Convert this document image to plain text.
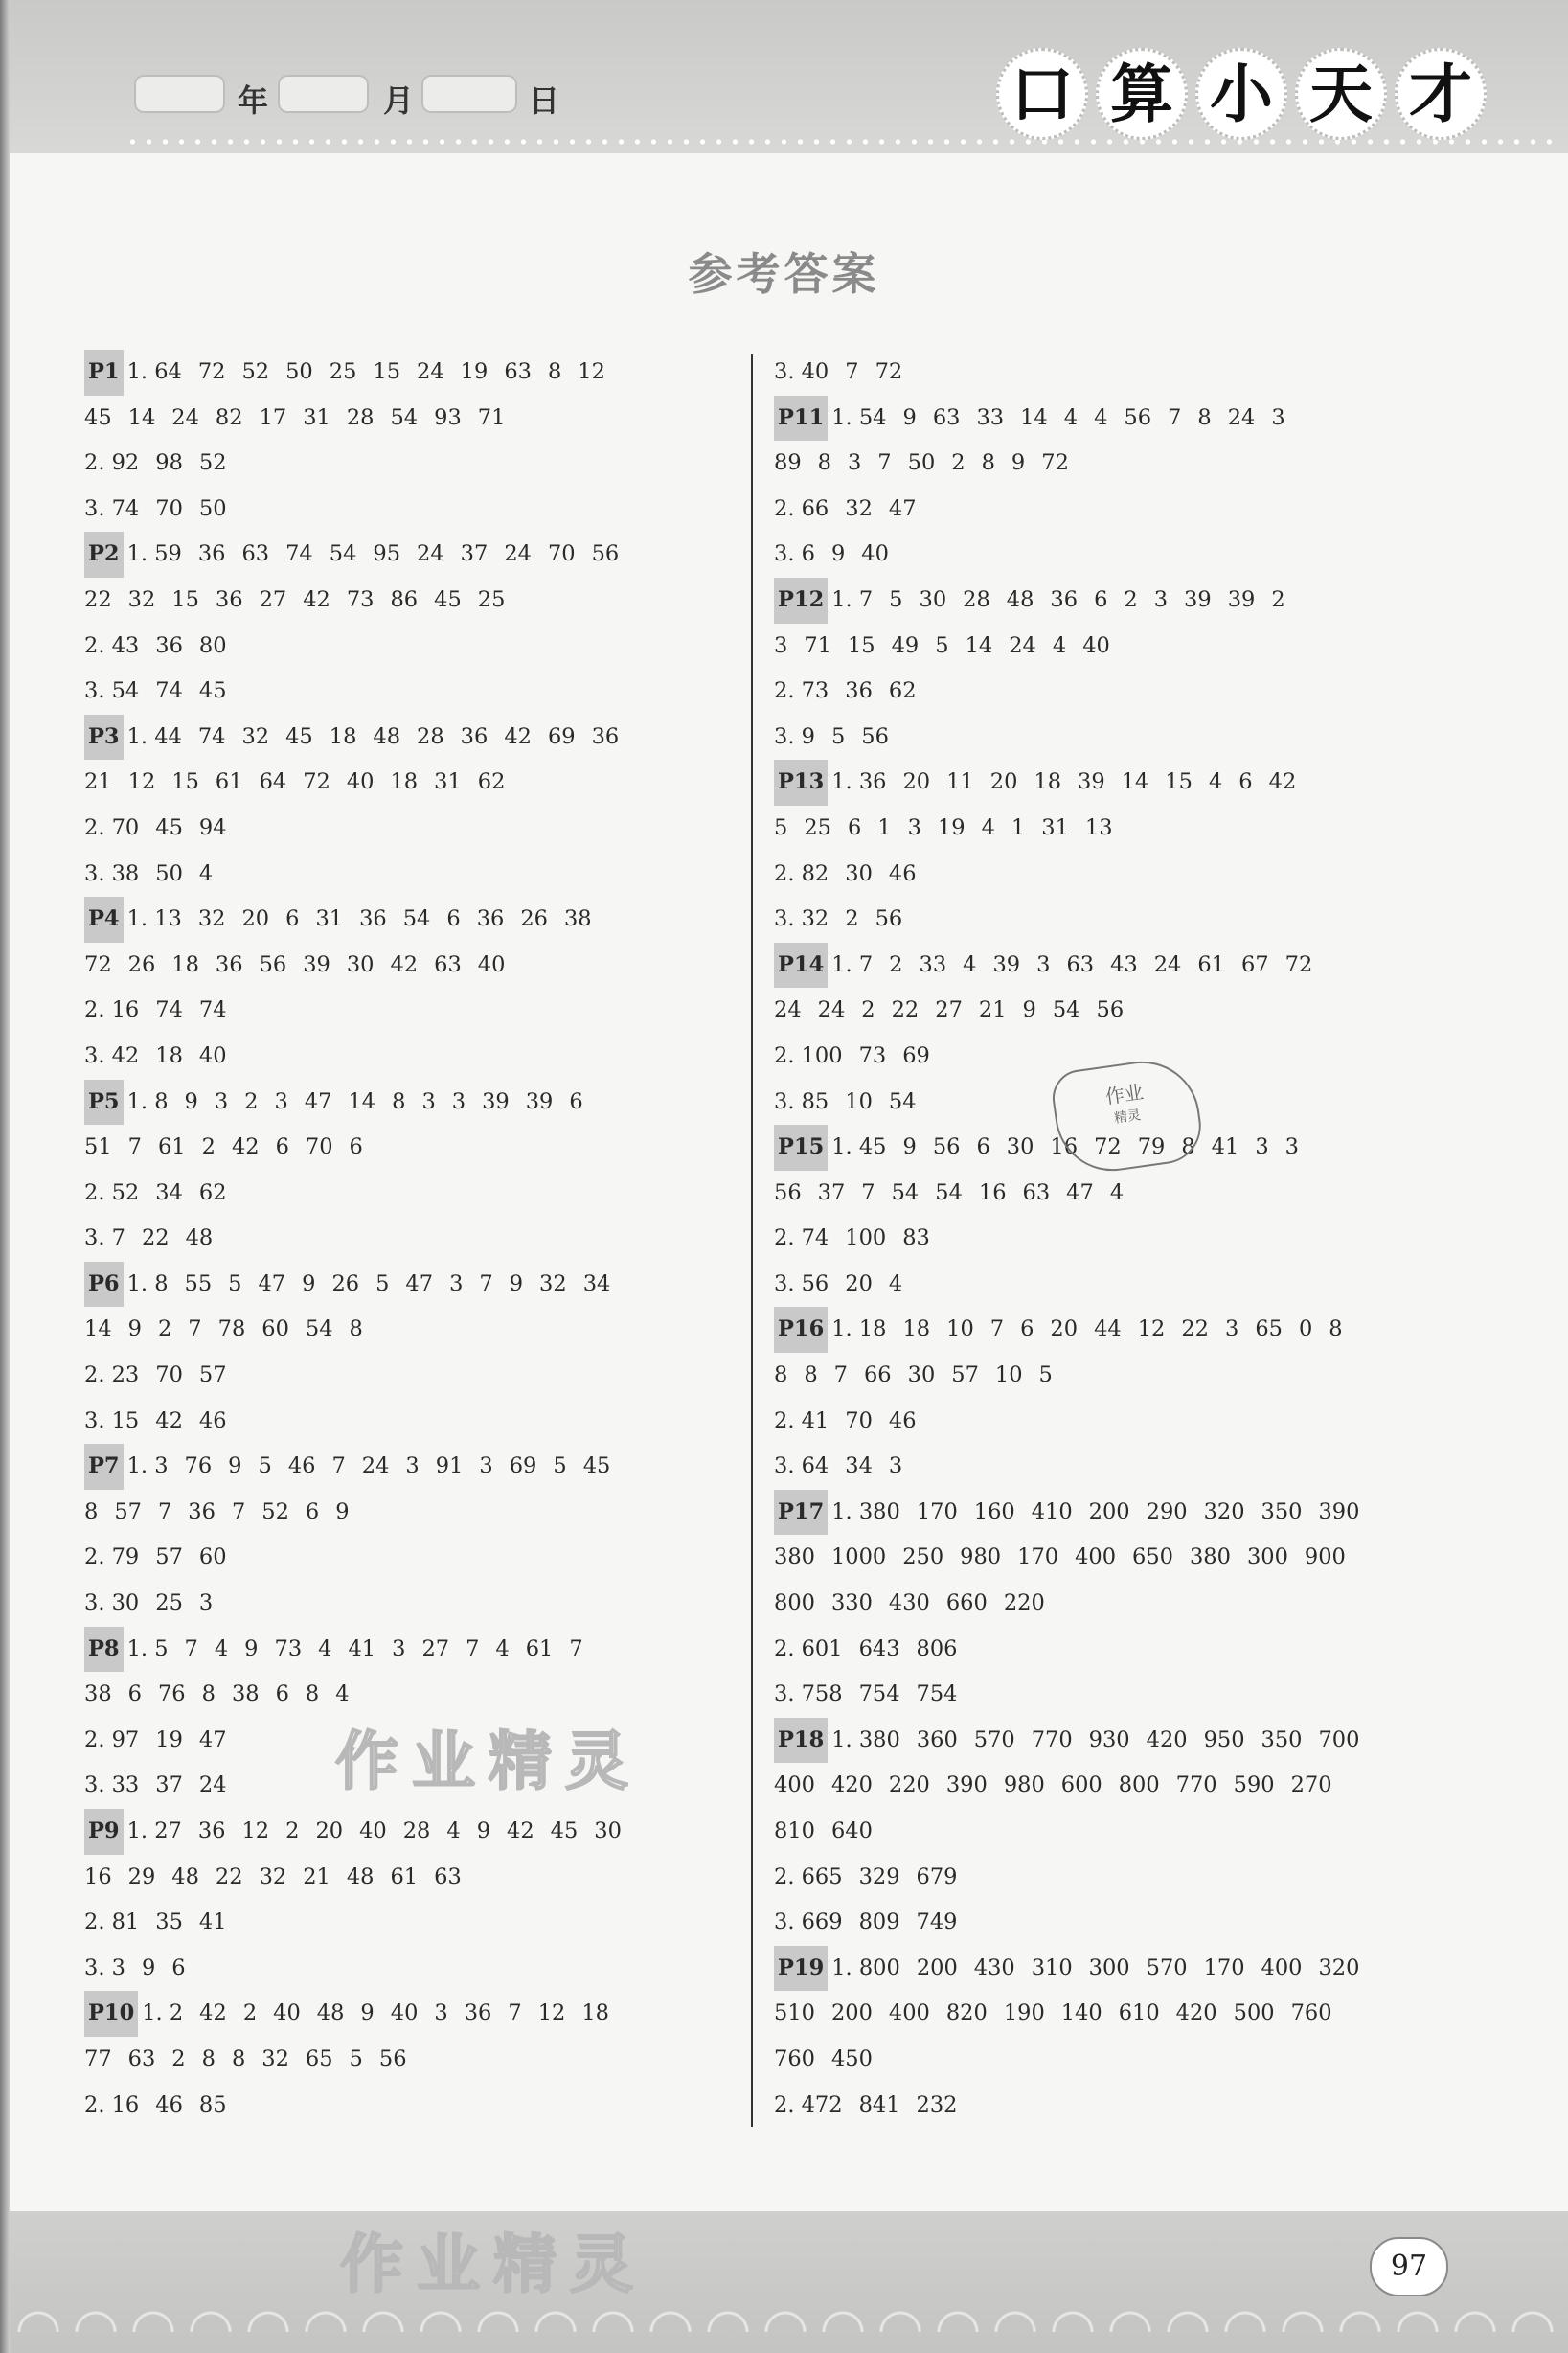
年	月	日	口 算 小 天 才
参考答案
P1 1. 64 72 52 50 25 15 24 19 63 8 12
45 14 24 82 17 31 28 54 93 71
2. 92 98 52
3. 74 70 50
P2 1. 59 36 63 74 54 95 24 37 24 70 56
22 32 15 36 27 42 73 86 45 25
2. 43 36 80
3. 54 74 45
P3 1. 44 74 32 45 18 48 28 36 42 69 36
21 12 15 61 64 72 40 18 31 62
2. 70 45 94
3. 38 50 4
P4 1. 13 32 20 6 31 36 54 6 36 26 38
72 26 18 36 56 39 30 42 63 40
2. 16 74 74
3. 42 18 40
P5 1. 8 9 3 2 3 47 14 8 3 3 39 39 6
51 7 61 2 42 6 70 6
2. 52 34 62
3. 7 22 48
P6 1. 8 55 5 47 9 26 5 47 3 7 9 32 34
14 9 2 7 78 60 54 8
2. 23 70 57
3. 15 42 46
P7 1. 3 76 9 5 46 7 24 3 91 3 69 5 45
8 57 7 36 7 52 6 9
2. 79 57 60
3. 30 25 3
P8 1. 5 7 4 9 73 4 41 3 27 7 4 61 7
38 6 76 8 38 6 8 4
2. 97 19 47
3. 33 37 24
P9 1. 27 36 12 2 20 40 28 4 9 42 45 30
16 29 48 22 32 21 48 61 63
2. 81 35 41
3. 3 9 6
P10 1. 2 42 2 40 48 9 40 3 36 7 12 18
77 63 2 8 8 32 65 5 56
2. 16 46 85
3. 40 7 72
P11 1. 54 9 63 33 14 4 4 56 7 8 24 3
89 8 3 7 50 2 8 9 72
2. 66 32 47
3. 6 9 40
P12 1. 7 5 30 28 48 36 6 2 3 39 39 2
3 71 15 49 5 14 24 4 40
2. 73 36 62
3. 9 5 56
P13 1. 36 20 11 20 18 39 14 15 4 6 42
5 25 6 1 3 19 4 1 31 13
2. 82 30 46
3. 32 2 56
P14 1. 7 2 33 4 39 3 63 43 24 61 67 72
24 24 2 22 27 21 9 54 56
2. 100 73 69
3. 85 10 54
P15 1. 45 9 56 6 30 16 72 79 8 41 3 3
56 37 7 54 54 16 63 47 4
2. 74 100 83
3. 56 20 4
P16 1. 18 18 10 7 6 20 44 12 22 3 65 0 8
8 8 7 66 30 57 10 5
2. 41 70 46
3. 64 34 3
P17 1. 380 170 160 410 200 290 320 350 390
380 1000 250 980 170 400 650 380 300 900
800 330 430 660 220
2. 601 643 806
3. 758 754 754
P18 1. 380 360 570 770 930 420 950 350 700
400 420 220 390 980 600 800 770 590 270
810 640
2. 665 329 679
3. 669 809 749
P19 1. 800 200 430 310 300 570 170 400 320
510 200 400 820 190 140 610 420 500 760
760 450
2. 472 841 232
作业
精灵
作业精灵
作业精灵	97
